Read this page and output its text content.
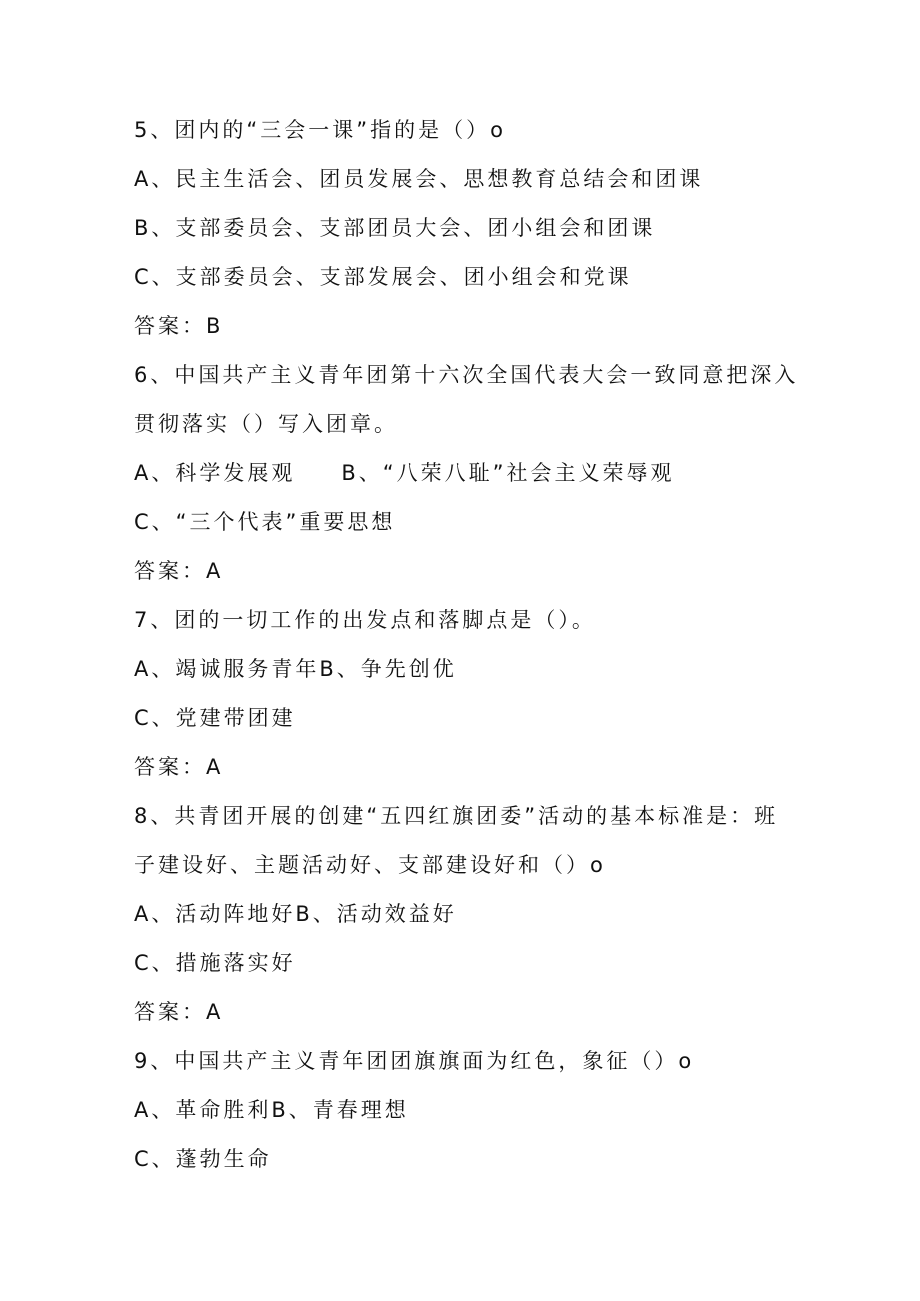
5、团内的“三会一课”指的是（）o
A、民主生活会、团员发展会、思想教育总结会和团课
B、支部委员会、支部团员大会、团小组会和团课
C、支部委员会、支部发展会、团小组会和党课
答案：B
6、中国共产主义青年团第十六次全国代表大会一致同意把深入
贯彻落实（）写入团章。
A、科学发展观 B、“八荣八耻”社会主义荣辱观
C、“三个代表”重要思想
答案：A
7、团的一切工作的出发点和落脚点是（）。
A、竭诚服务青年B、争先创优
C、党建带团建
答案：A
8、共青团开展的创建“五四红旗团委”活动的基本标准是：班
子建设好、主题活动好、支部建设好和（）o
A、活动阵地好B、活动效益好
C、措施落实好
答案：A
9、中国共产主义青年团团旗旗面为红色，象征（）o
A、革命胜利B、青春理想
C、蓬勃生命
